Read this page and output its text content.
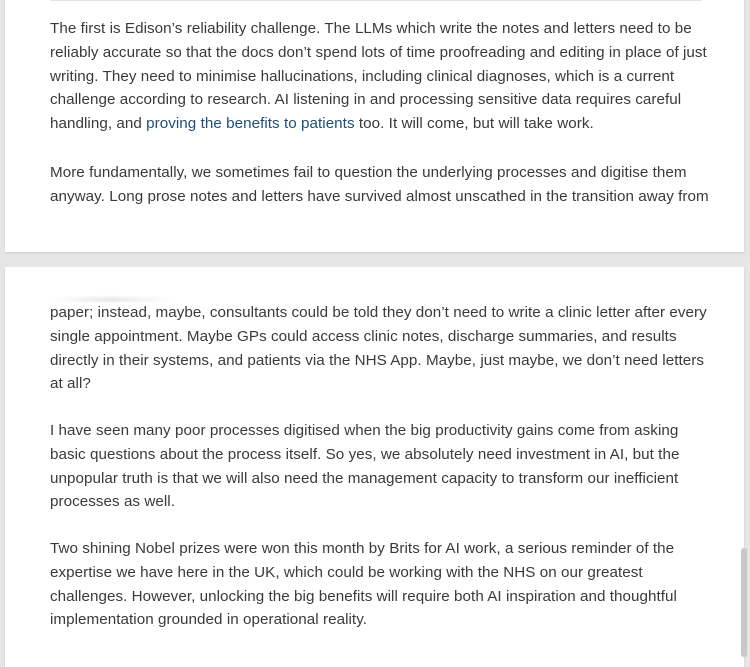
The first is Edison’s reliability challenge. The LLMs which write the notes and letters need to be
reliably accurate so that the docs don’t spend lots of time proofreading and editing in place of just
writing. They need to minimise hallucinations, including clinical diagnoses, which is a current
challenge according to research. AI listening in and processing sensitive data requires careful
handling, and proving the benefits to patients too. It will come, but will take work.

More fundamentally, we sometimes fail to question the underlying processes and digitise them
anyway. Long prose notes and letters have survived almost unscathed in the transition away from

paper; instead, maybe, consultants could be told they don’t need to write a clinic letter after every
single appointment. Maybe GPs could access clinic notes, discharge summaries, and results
directly in their systems, and patients via the NHS App. Maybe, just maybe, we don’t need letters
at all?

I have seen many poor processes digitised when the big productivity gains come from asking
basic questions about the process itself. So yes, we absolutely need investment in AI, but the
unpopular truth is that we will also need the management capacity to transform our inefficient
processes as well.

Two shining Nobel prizes were won this month by Brits for AI work, a serious reminder of the
expertise we have here in the UK, which could be working with the NHS on our greatest
challenges. However, unlocking the big benefits will require both AI inspiration and thoughtful
implementation grounded in operational reality.
